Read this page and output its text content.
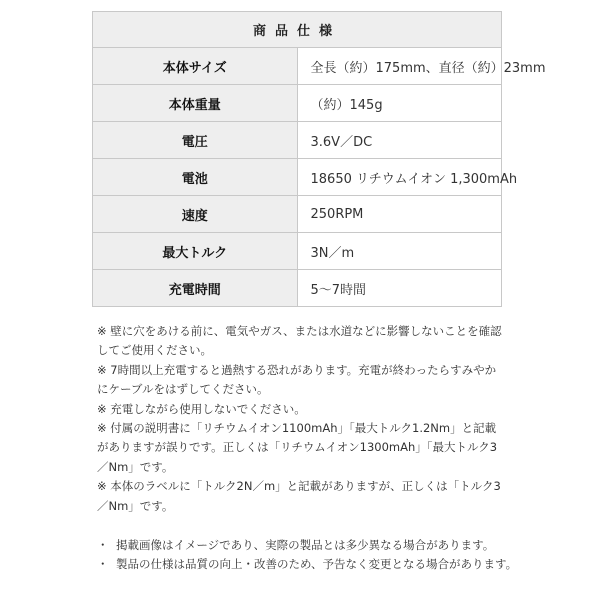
商品仕様	
本体サイズ	全長（約）175mm、直径（約）23mm
本体重量	（約）145g
電圧	3.6V／DC
電池	18650 リチウムイオン 1,300mAh
速度	250RPM
最大トルク	3N／m
充電時間	5〜7時間

※ 壁に穴をあける前に、電気やガス、または水道などに影響しないことを確認してご使用ください。

※ 7時間以上充電すると過熱する恐れがあります。充電が終わったらすみやかにケーブルをはずしてください。

※ 充電しながら使用しないでください。

※ 付属の説明書に「リチウムイオン1100mAh」「最大トルク1.2Nm」と記載がありますが誤りです。正しくは「リチウムイオン1300mAh」「最大トルク3／Nm」です。

※ 本体のラベルに「トルク2N／m」と記載がありますが、正しくは「トルク3／Nm」です。

・ 掲載画像はイメージであり、実際の製品とは多少異なる場合があります。

・ 製品の仕様は品質の向上・改善のため、予告なく変更となる場合があります。
